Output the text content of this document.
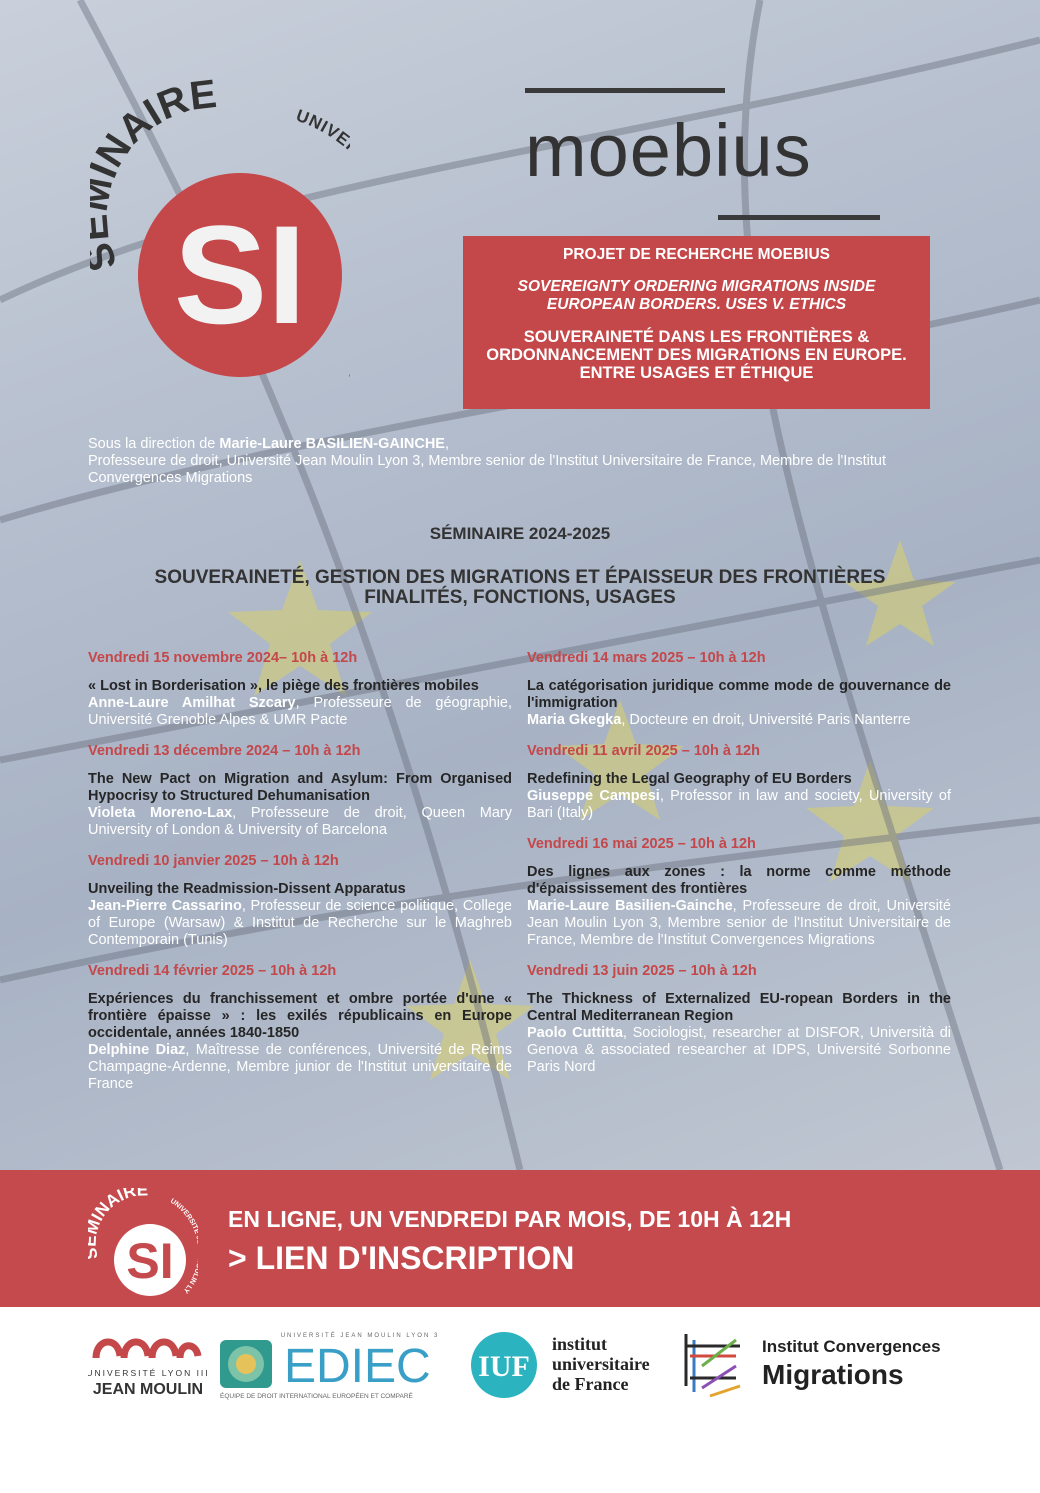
NAIRE	UNIV
SI
moebius
PROJET DE RECHERCHE MOEBIUS
SOVEREIGNTY ORDERING MIGRATIONS INSIDE EUROPEAN BORDERS. USES V. ETHICS
SOUVERAINETÉ DANS LES FRONTIÈRES & ORDONNANCEMENT DES MIGRATIONS EN EUROPE. ENTRE USAGES ET ÉTHIQUE
Sous la direction de Marie-Laure BASILIEN-GAINCHE,
Professeure de droit, Université Jean Moulin Lyon 3, Membre senior de l'Institut Universitaire de France, Membre de l'Institut Convergences Migrations
SÉMINAIRE 2024-2025
SOUVERAINETÉ, GESTION DES MIGRATIONS ET ÉPAISSEUR DES FRONTIÈRES
FINALITÉS, FONCTIONS, USAGES
Vendredi 15 novembre 2024– 10h à 12h
« Lost in Borderisation », le piège des frontières mobiles
Anne-Laure Amilhat Szcary, Professeure de géographie, Université Grenoble Alpes & UMR Pacte
Vendredi 13 décembre 2024 – 10h à 12h
The New Pact on Migration and Asylum: From Organised Hypocrisy to Structured Dehumanisation
Violeta Moreno-Lax, Professeure de droit, Queen Mary University of London & University of Barcelona
Vendredi 10 janvier 2025 – 10h à 12h
Unveiling the Readmission-Dissent Apparatus
Jean-Pierre Cassarino, Professeur de science politique, College of Europe (Warsaw) & Institut de Recherche sur le Maghreb Contemporain (Tunis)
Vendredi 14 février 2025 – 10h à 12h
Expériences du franchissement et ombre portée d'une « frontière épaisse » : les exilés républicains en Europe occidentale, années 1840-1850
Delphine Diaz, Maîtresse de conférences, Université de Reims Champagne-Ardenne, Membre junior de l'Institut universitaire de France
Vendredi 14 mars 2025 – 10h à 12h
La catégorisation juridique comme mode de gouvernance de l'immigration
Maria Gkegka, Docteure en droit, Université Paris Nanterre
Vendredi 11 avril 2025 – 10h à 12h
Redefining the Legal Geography of EU Borders
Giuseppe Campesi, Professor in law and society, University of Bari (Italy)
Vendredi 16 mai 2025 – 10h à 12h
Des lignes aux zones : la norme comme méthode d'épaississement des frontières
Marie-Laure Basilien-Gainche, Professeure de droit, Université Jean Moulin Lyon 3, Membre senior de l'Institut Universitaire de France, Membre de l'Institut Convergences Migrations
Vendredi 13 juin 2025 – 10h à 12h
The Thickness of Externalized EU-ropean Borders in the Central Mediterranean Region
Paolo Cuttitta, Sociologist, researcher at DISFOR, Università di Genova & associated researcher at IDPS, Université Sorbonne Paris Nord
INAIRE
UNIVERSIT IN LY
SI
EN LIGNE, UN VENDREDI PAR MOIS, DE 10H À 12H
> LIEN D'INSCRIPTION
UNIVERSITÉ LYON III
JEAN MOULIN
UNIVERSITÉ JEAN MOULIN LYON 3
EDIEC
ÉQUIPE DE DROIT INTERNATIONAL EUROPÉEN ET COMPARÉ
IUF
institut
universitaire
de France
Institut Convergences
Migrations
